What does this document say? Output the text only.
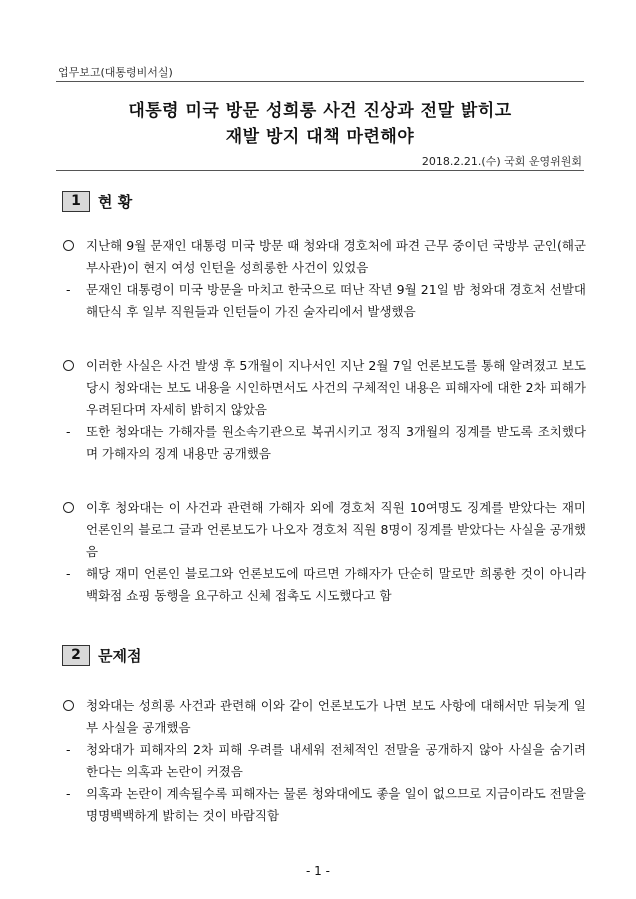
업무보고(대통령비서실)
대통령 미국 방문 성희롱 사건 진상과 전말 밝히고
재발 방지 대책 마련해야
2018.2.21.(수) 국회 운영위원회
1	현 황
지난해 9월 문재인 대통령 미국 방문 때 청와대 경호처에 파견 근무 중이던 국방부 군인(해군 부사관)이 현지 여성 인턴을 성희롱한 사건이 있었음
- 문재인 대통령이 미국 방문을 마치고 한국으로 떠난 작년 9월 21일 밤 청와대 경호처 선발대 해단식 후 일부 직원들과 인턴들이 가진 술자리에서 발생했음
이러한 사실은 사건 발생 후 5개월이 지나서인 지난 2월 7일 언론보도를 통해 알려졌고 보도 당시 청와대는 보도 내용을 시인하면서도 사건의 구체적인 내용은 피해자에 대한 2차 피해가 우려된다며 자세히 밝히지 않았음
- 또한 청와대는 가해자를 원소속기관으로 복귀시키고 정직 3개월의 징계를 받도록 조치했다며 가해자의 징계 내용만 공개했음
이후 청와대는 이 사건과 관련해 가해자 외에 경호처 직원 10여명도 징계를 받았다는 재미 언론인의 블로그 글과 언론보도가 나오자 경호처 직원 8명이 징계를 받았다는 사실을 공개했음
- 해당 재미 언론인 블로그와 언론보도에 따르면 가해자가 단순히 말로만 희롱한 것이 아니라 백화점 쇼핑 동행을 요구하고 신체 접촉도 시도했다고 함
2	문제점
청와대는 성희롱 사건과 관련해 이와 같이 언론보도가 나면 보도 사항에 대해서만 뒤늦게 일부 사실을 공개했음
- 청와대가 피해자의 2차 피해 우려를 내세워 전체적인 전말을 공개하지 않아 사실을 숨기려 한다는 의혹과 논란이 커졌음
- 의혹과 논란이 계속될수록 피해자는 물론 청와대에도 좋을 일이 없으므로 지금이라도 전말을 명명백백하게 밝히는 것이 바람직함
- 1 -
